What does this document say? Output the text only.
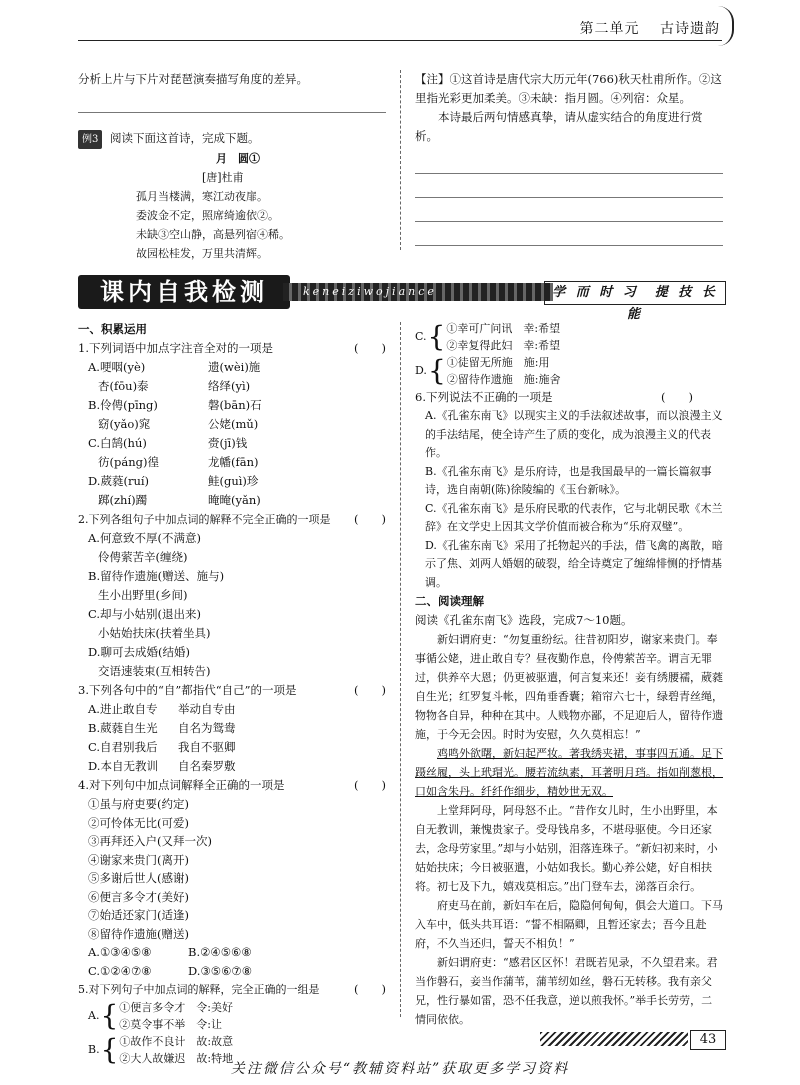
第二单元　 古诗遗韵
分析上片与下片对琵琶演奏描写角度的差异。
例3 阅读下面这首诗，完成下题。
月　圆①
[唐]杜甫
孤月当楼满，寒江动夜扉。
委波金不定，照席绮逾依②。
未缺③空山静，高悬列宿④稀。
故园松桂发，万里共清辉。
【注】①这首诗是唐代宗大历元年(766)秋天杜甫所作。②这里指光彩更加柔美。③未缺：指月圆。④列宿：众星。
本诗最后两句情感真挚，请从虚实结合的角度进行赏析。
课内自我检测	keneiziwojiance	学 而 时 习　提 技 长 能
一、积累运用
1.下列词语中加点字注音全对的一项是	(　　)
A.哽咽(yè)	遗(wèi)施
杏(fōu)泰	络绎(yì)
B.伶俜(pīng)	磐(bān)石
窈(yǎo)窕	公姥(mǔ)
C.白鹄(hú)	赍(jī)钱
彷(páng)徨	龙幡(fān)
D.葳蕤(ruí)	鲑(guì)珍
踯(zhí)躅	晻晻(yǎn)
2.下列各组句子中加点词的解释不完全正确的一项是 (　　)
A.何意致不厚(不满意)
伶俜萦苦辛(缠绕)
B.留待作遗施(赠送、施与)
生小出野里(乡间)
C.却与小姑别(退出来)
小姑始扶床(扶着坐具)
D.聊可去成婚(结婚)
交语速装束(互相转告)
3.下列各句中的“自”都指代“自己”的一项是	(　　)
A.进止敢自专 举动自专由
B.葳蕤自生光 自名为鸳鸯
C.自君别我后 我自不驱卿
D.本自无教训 自名秦罗敷
4.对下列句中加点词解释全正确的一项是	(　　)
①虽与府吏要(约定)
②可怜体无比(可爱)
③再拜还入户(又拜一次)
④谢家来贵门(离开)
⑤多谢后世人(感谢)
⑥便言多令才(美好)
⑦始适还家门(适逢)
⑧留待作遗施(赠送)
A.①③④⑤⑧	B.②④⑤⑥⑧
C.①②④⑦⑧	D.③⑤⑥⑦⑧
5.对下列句子中加点词的解释，完全正确的一组是	(　　)
A.{①便言多令才　 令:美好
②莫令事不举　 令:让
B.{①故作不良计　 故:故意
②大人故嫌迟　 故:特地
C.{①幸可广问讯　 幸:希望
②幸复得此妇　 幸:希望
D.{①徒留无所施　 施:用
②留待作遗施　 施:施舍
6.下列说法不正确的一项是	(　　)
A.《孔雀东南飞》以现实主义的手法叙述故事，而以浪漫主义的手法结尾，使全诗产生了质的变化，成为浪漫主义的代表作。
B.《孔雀东南飞》是乐府诗，也是我国最早的一篇长篇叙事诗，选自南朝(陈)徐陵编的《玉台新咏》。
C.《孔雀东南飞》是乐府民歌的代表作，它与北朝民歌《木兰辞》在文学史上因其文学价值而被合称为“乐府双璧”。
D.《孔雀东南飞》采用了托物起兴的手法，借飞禽的离散，暗示了焦、刘两人婚姻的破裂，给全诗奠定了缠绵悱恻的抒情基调。
二、阅读理解
阅读《孔雀东南飞》选段，完成7～10题。

新妇谓府吏：“勿复重纷纭。往昔初阳岁，谢家来贵门。奉事循公姥，进止敢自专？昼夜勤作息，伶俜萦苦辛。谓言无罪过，供养卒大恩；仍更被驱遣，何言复来还！妾有绣腰襦，葳蕤自生光；红罗复斗帐，四角垂香囊；箱帘六七十，绿碧青丝绳，物物各自异，种种在其中。人贱物亦鄙，不足迎后人，留待作遗施，于今无会因。时时为安慰，久久莫相忘！”

鸡鸣外欲曙，新妇起严妆。著我绣夹裙，事事四五通。足下蹑丝履，头上玳瑁光。腰若流纨素，耳著明月珰。指如削葱根，口如含朱丹。纤纤作细步，精妙世无双。

上堂拜阿母，阿母怒不止。“昔作女儿时，生小出野里，本自无教训，兼愧贵家子。受母钱帛多，不堪母驱使。今日还家去，念母劳家里。”却与小姑别，泪落连珠子。“新妇初来时，小姑始扶床；今日被驱遣，小姑如我长。勤心养公姥，好自相扶将。初七及下九，嬉戏莫相忘。”出门登车去，涕落百余行。

府吏马在前，新妇车在后，隐隐何甸甸，俱会大道口。下马入车中，低头共耳语：“誓不相隔卿，且暂还家去；吾今且赴府，不久当还归，誓天不相负！”

新妇谓府吏：“感君区区怀！君既若见录，不久望君来。君当作磐石，妾当作蒲苇，蒲苇纫如丝，磐石无转移。我有亲父兄，性行暴如雷，恐不任我意，逆以煎我怀。”举手长劳劳，二情同依依。

43
关注微信公众号“教辅资料站”获取更多学习资料
